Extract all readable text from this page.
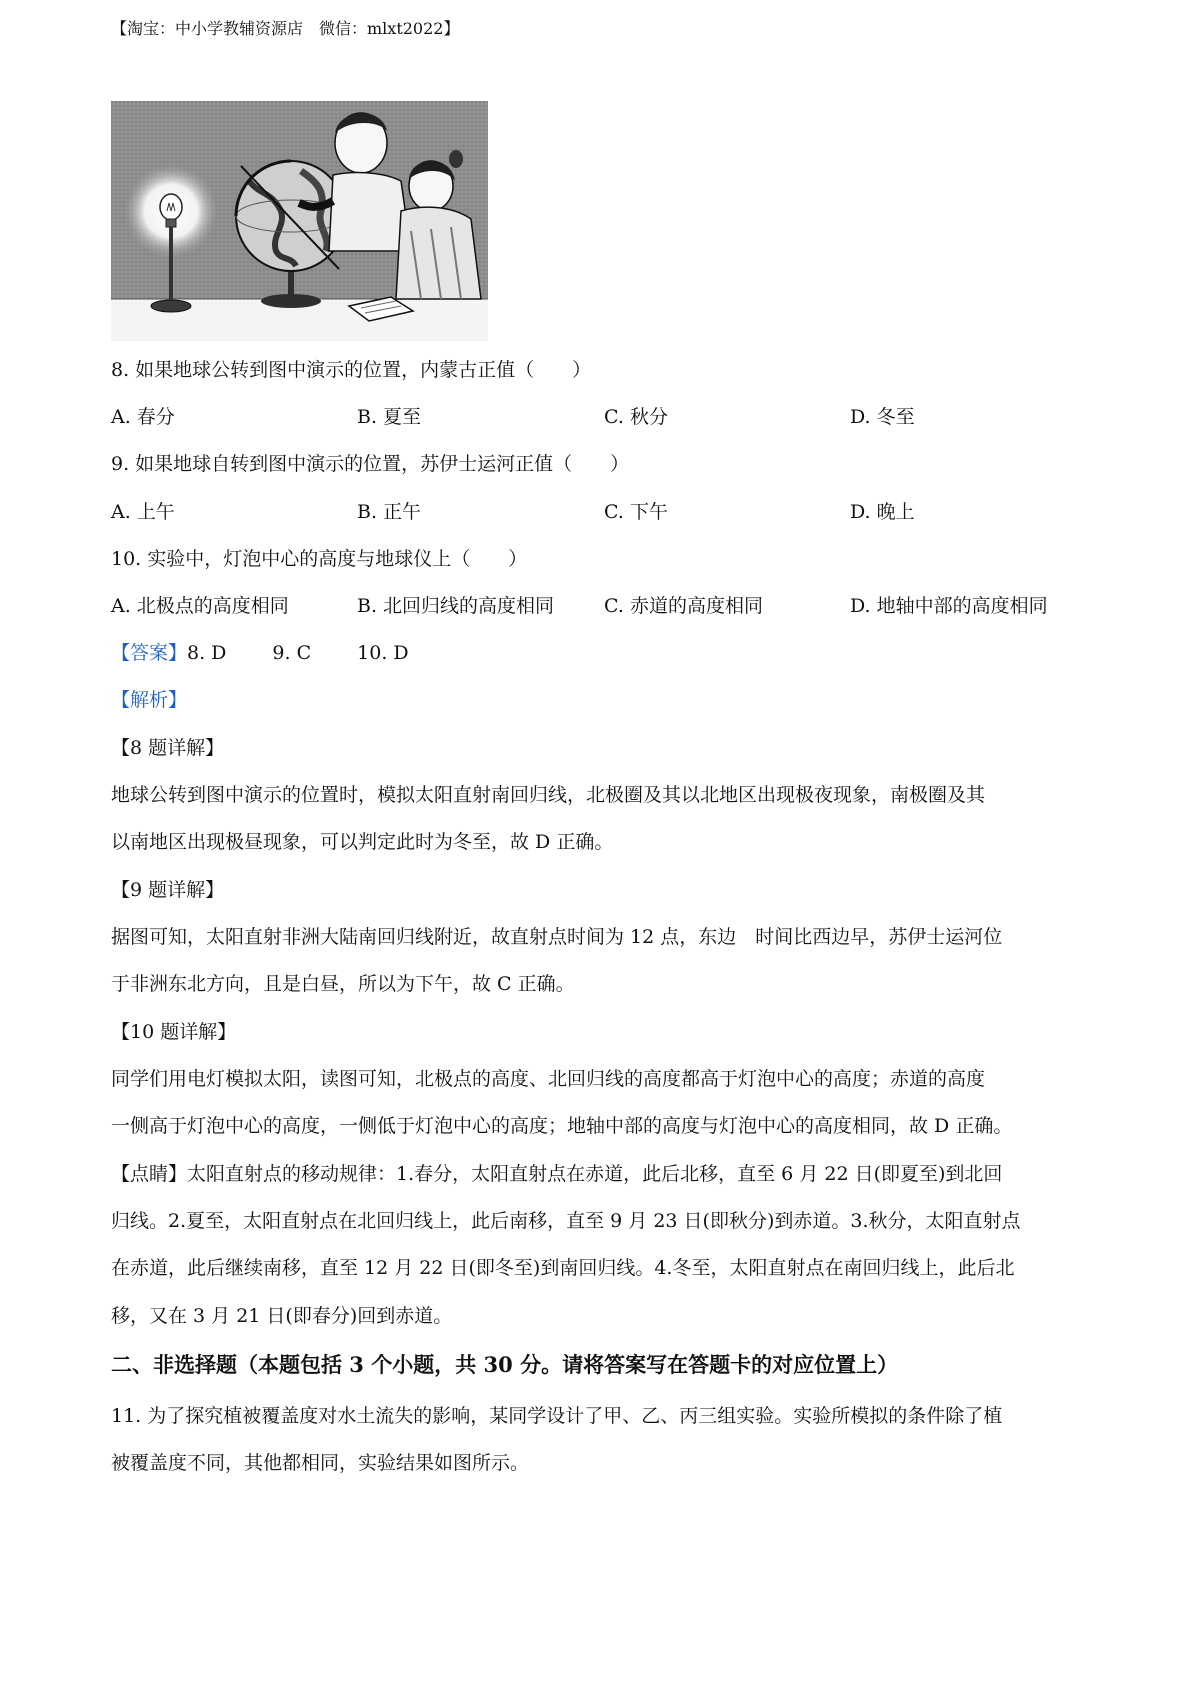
【淘宝：中小学教辅资源店　微信：mlxt2022】
8. 如果地球公转到图中演示的位置，内蒙古正值（　　）
A. 春分	B. 夏至	C. 秋分	D. 冬至
9. 如果地球自转到图中演示的位置，苏伊士运河正值（　　）
A. 上午	B. 正午	C. 下午	D. 晚上
10. 实验中，灯泡中心的高度与地球仪上（　　）
A. 北极点的高度相同	B. 北回归线的高度相同	C. 赤道的高度相同	D. 地轴中部的高度相同
【答案】8. D 9. C 10. D
【解析】
【8 题详解】
地球公转到图中演示的位置时，模拟太阳直射南回归线，北极圈及其以北地区出现极夜现象，南极圈及其
以南地区出现极昼现象，可以判定此时为冬至，故 D 正确。
【9 题详解】
据图可知，太阳直射非洲大陆南回归线附近，故直射点时间为 12 点，东边　时间比西边早，苏伊士运河位
于非洲东北方向，且是白昼，所以为下午，故 C 正确。
【10 题详解】
同学们用电灯模拟太阳，读图可知，北极点的高度、北回归线的高度都高于灯泡中心的高度；赤道的高度
一侧高于灯泡中心的高度，一侧低于灯泡中心的高度；地轴中部的高度与灯泡中心的高度相同，故 D 正确。
【点睛】太阳直射点的移动规律：1.春分，太阳直射点在赤道，此后北移，直至 6 月 22 日(即夏至)到北回
归线。2.夏至，太阳直射点在北回归线上，此后南移，直至 9 月 23 日(即秋分)到赤道。3.秋分，太阳直射点
在赤道，此后继续南移，直至 12 月 22 日(即冬至)到南回归线。4.冬至，太阳直射点在南回归线上，此后北
移，又在 3 月 21 日(即春分)回到赤道。
二、非选择题（本题包括 3 个小题，共 30 分。请将答案写在答题卡的对应位置上）
11. 为了探究植被覆盖度对水土流失的影响，某同学设计了甲、乙、丙三组实验。实验所模拟的条件除了植
被覆盖度不同，其他都相同，实验结果如图所示。
